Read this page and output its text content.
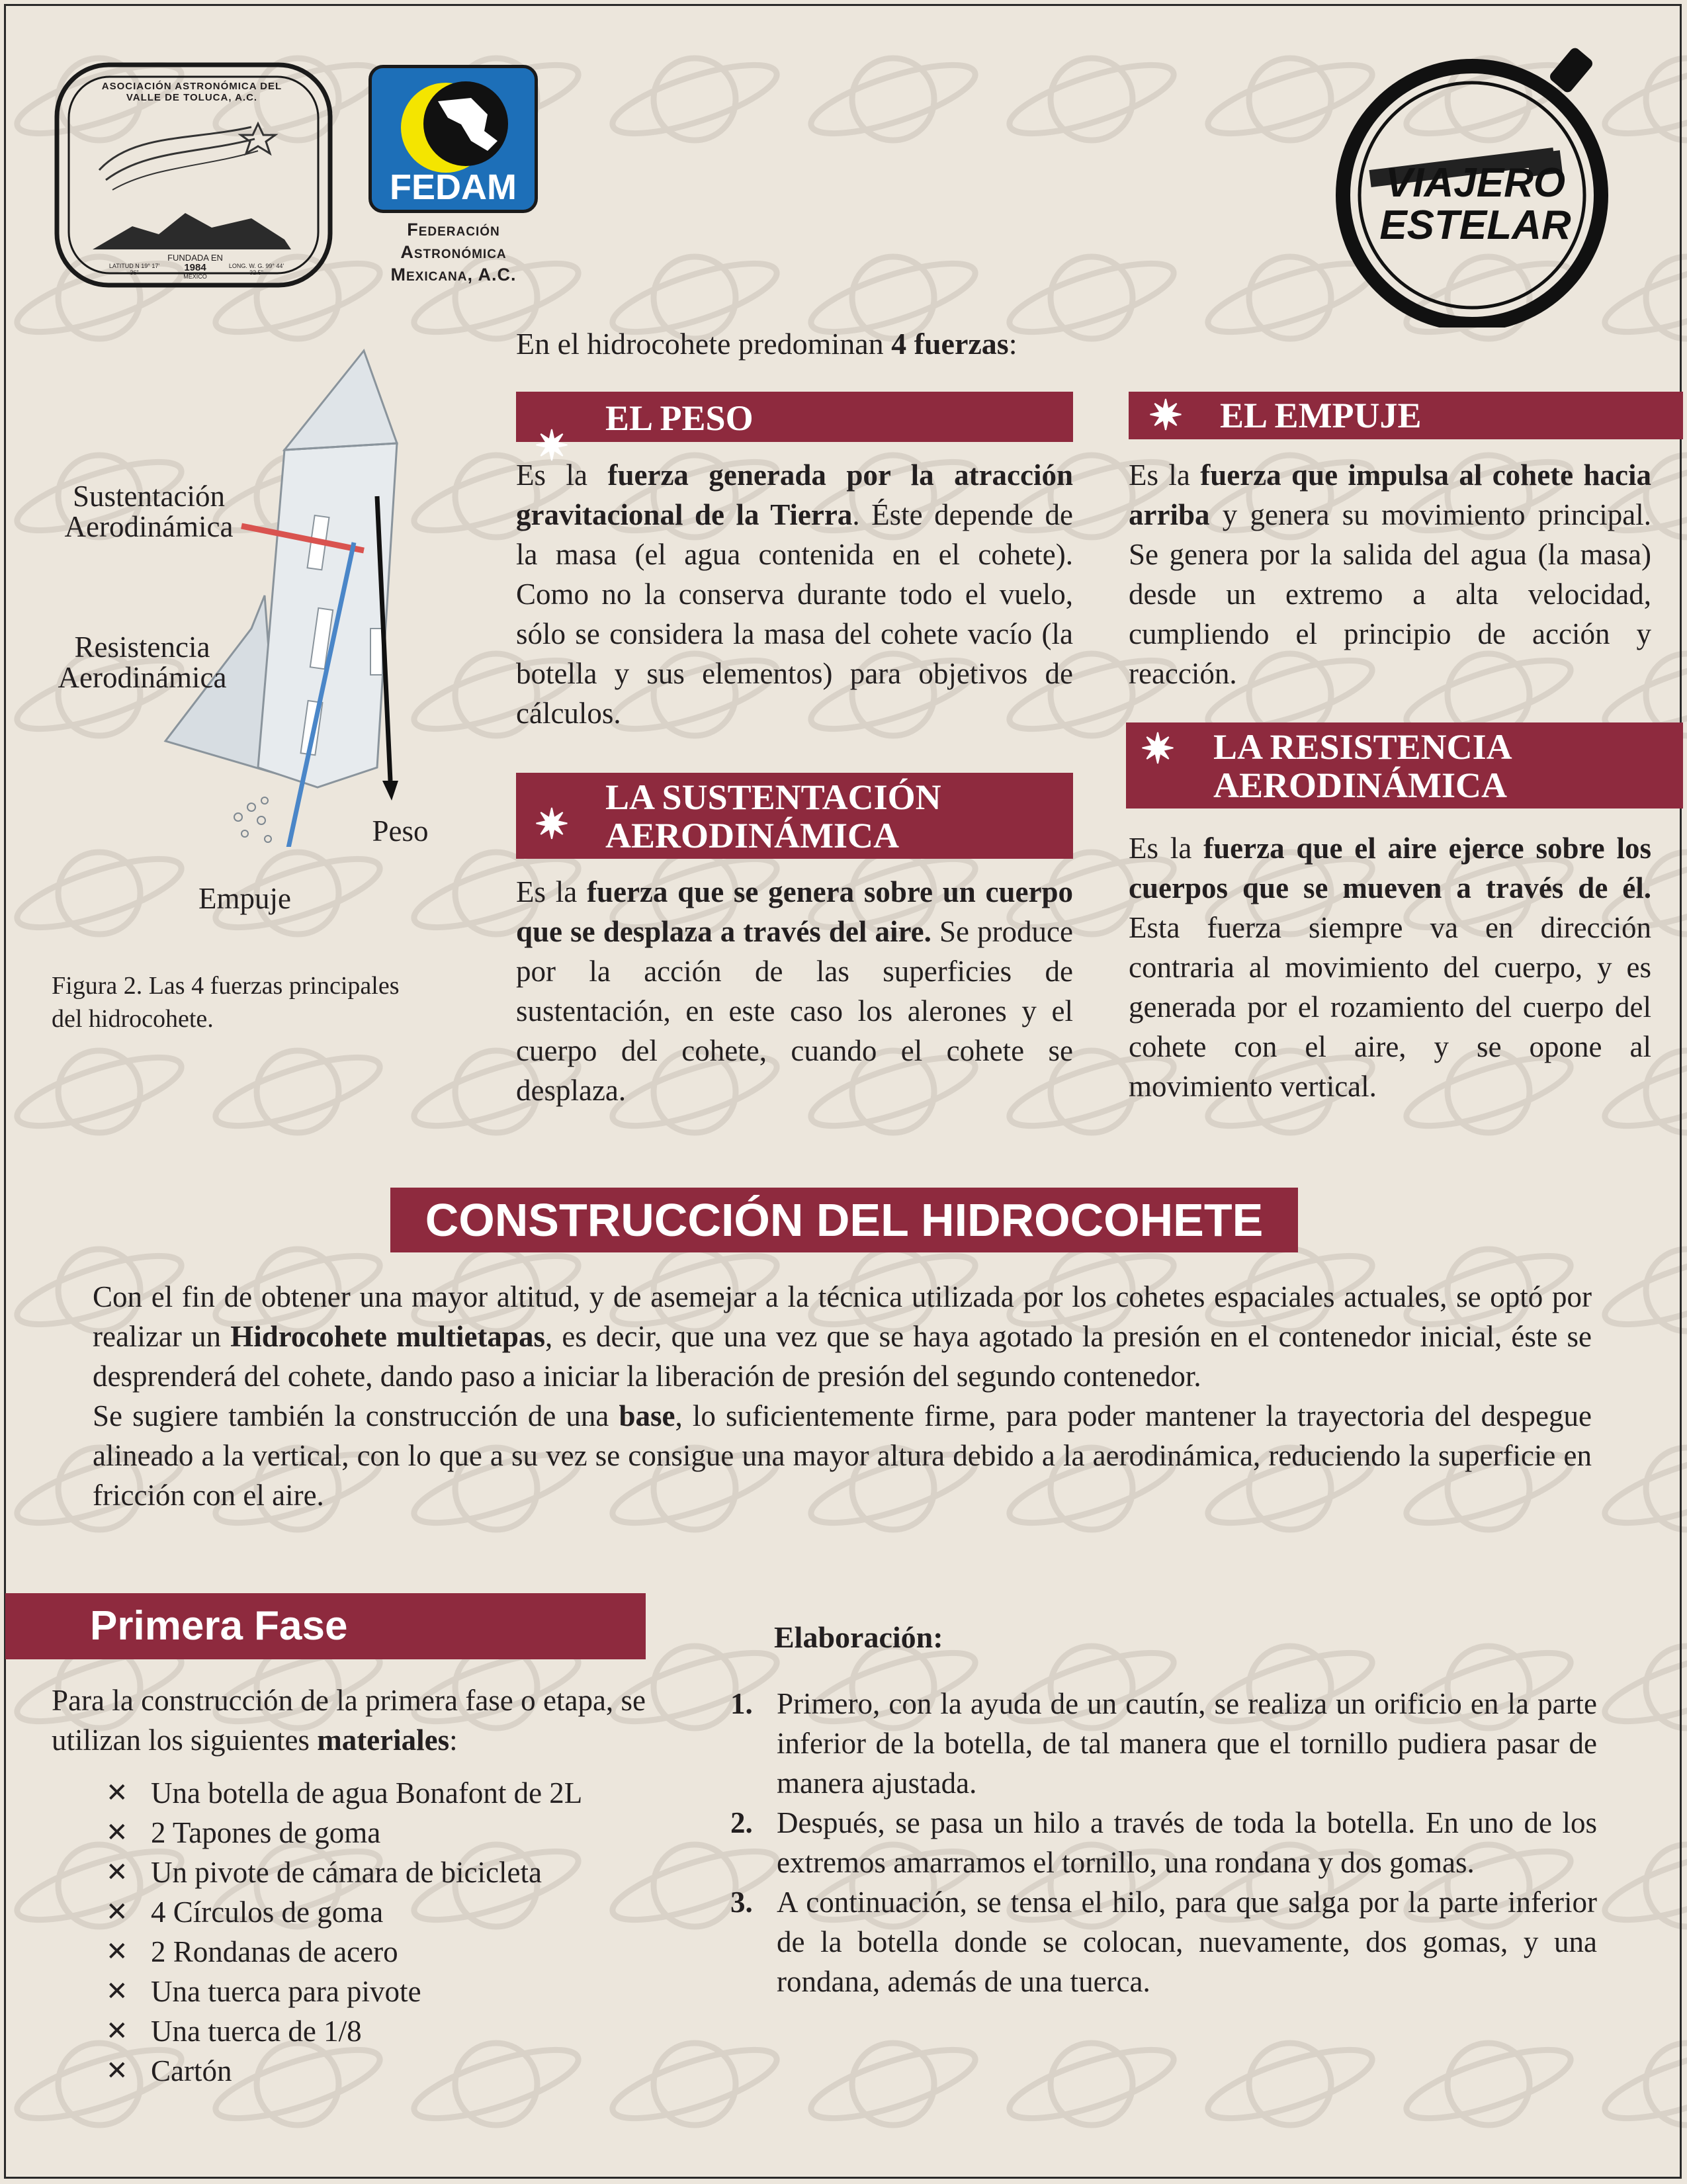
ASOCIACIÓN ASTRONÓMICA DEL VALLE DE TOLUCA, A.C.
FUNDADA EN
1984
LATITUD N 19° 17' 36"
MÉXICO
LONG. W. G. 99° 44' 32.5"
FEDAM
Federación
Astronómica
Mexicana, A.C.
VIAJERO
ESTELAR
Sustentación
Aerodinámica
Resistencia
Aerodinámica
Peso
Empuje
Figura 2. Las 4 fuerzas principales
del hidrocohete.
En el hidrocohete predominan 4 fuerzas:
✷
EL PESO

Es la fuerza generada por la atracción gravitacional de la Tierra. Éste depende de la masa (el agua contenida en el cohete). Como no la conserva durante todo el vuelo, sólo se considera la masa del cohete vacío (la botella y sus elementos) para objetivos de cálculos.

✷ EL EMPUJE

Es la fuerza que impulsa al cohete hacia arriba y genera su movimiento principal. Se genera por la salida del agua (la masa) desde un extremo a alta velocidad, cumpliendo el principio de acción y reacción.

✷
LA SUSTENTACIÓN
AERODINÁMICA

Es la fuerza que se genera sobre un cuerpo que se desplaza a través del aire. Se produce por la acción de las superficies de sustentación, en este caso los alerones y el cuerpo del cohete, cuando el cohete se desplaza.

✷ LA RESISTENCIA
AERODINÁMICA

Es la fuerza que el aire ejerce sobre los cuerpos que se mueven a través de él. Esta fuerza siempre va en dirección contraria al movimiento del cuerpo, y es generada por el rozamiento del cuerpo del cohete con el aire, y se opone al movimiento vertical.

CONSTRUCCIÓN DEL HIDROCOHETE

Con el fin de obtener una mayor altitud, y de asemejar a la técnica utilizada por los cohetes espaciales actuales, se optó por realizar un Hidrocohete multietapas, es decir, que una vez que se haya agotado la presión en el contenedor inicial, éste se desprenderá del cohete, dando paso a iniciar la liberación de presión del segundo contenedor.

Se sugiere también la construcción de una base, lo suficientemente firme, para poder mantener la trayectoria del despegue alineado a la vertical, con lo que a su vez se consigue una mayor altura debido a la aerodinámica, reduciendo la superficie en fricción con el aire.

Primera Fase

Para la construcción de la primera fase o etapa, se utilizan los siguientes materiales:

✕ Una botella de agua Bonafont de 2L
✕ 2 Tapones de goma
✕ Un pivote de cámara de bicicleta
✕ 4 Círculos de goma
✕ 2 Rondanas de acero
✕ Una tuerca para pivote
✕ Una tuerca de 1/8
✕ Cartón
Elaboración:
1. Primero, con la ayuda de un cautín, se realiza un orificio en la parte inferior de la botella, de tal manera que el tornillo pudiera pasar de manera ajustada.
2. Después, se pasa un hilo a través de toda la botella. En uno de los extremos amarramos el tornillo, una rondana y dos gomas.
3. A continuación, se tensa el hilo, para que salga por la parte inferior de la botella donde se colocan, nuevamente, dos gomas, y una rondana, además de una tuerca.
